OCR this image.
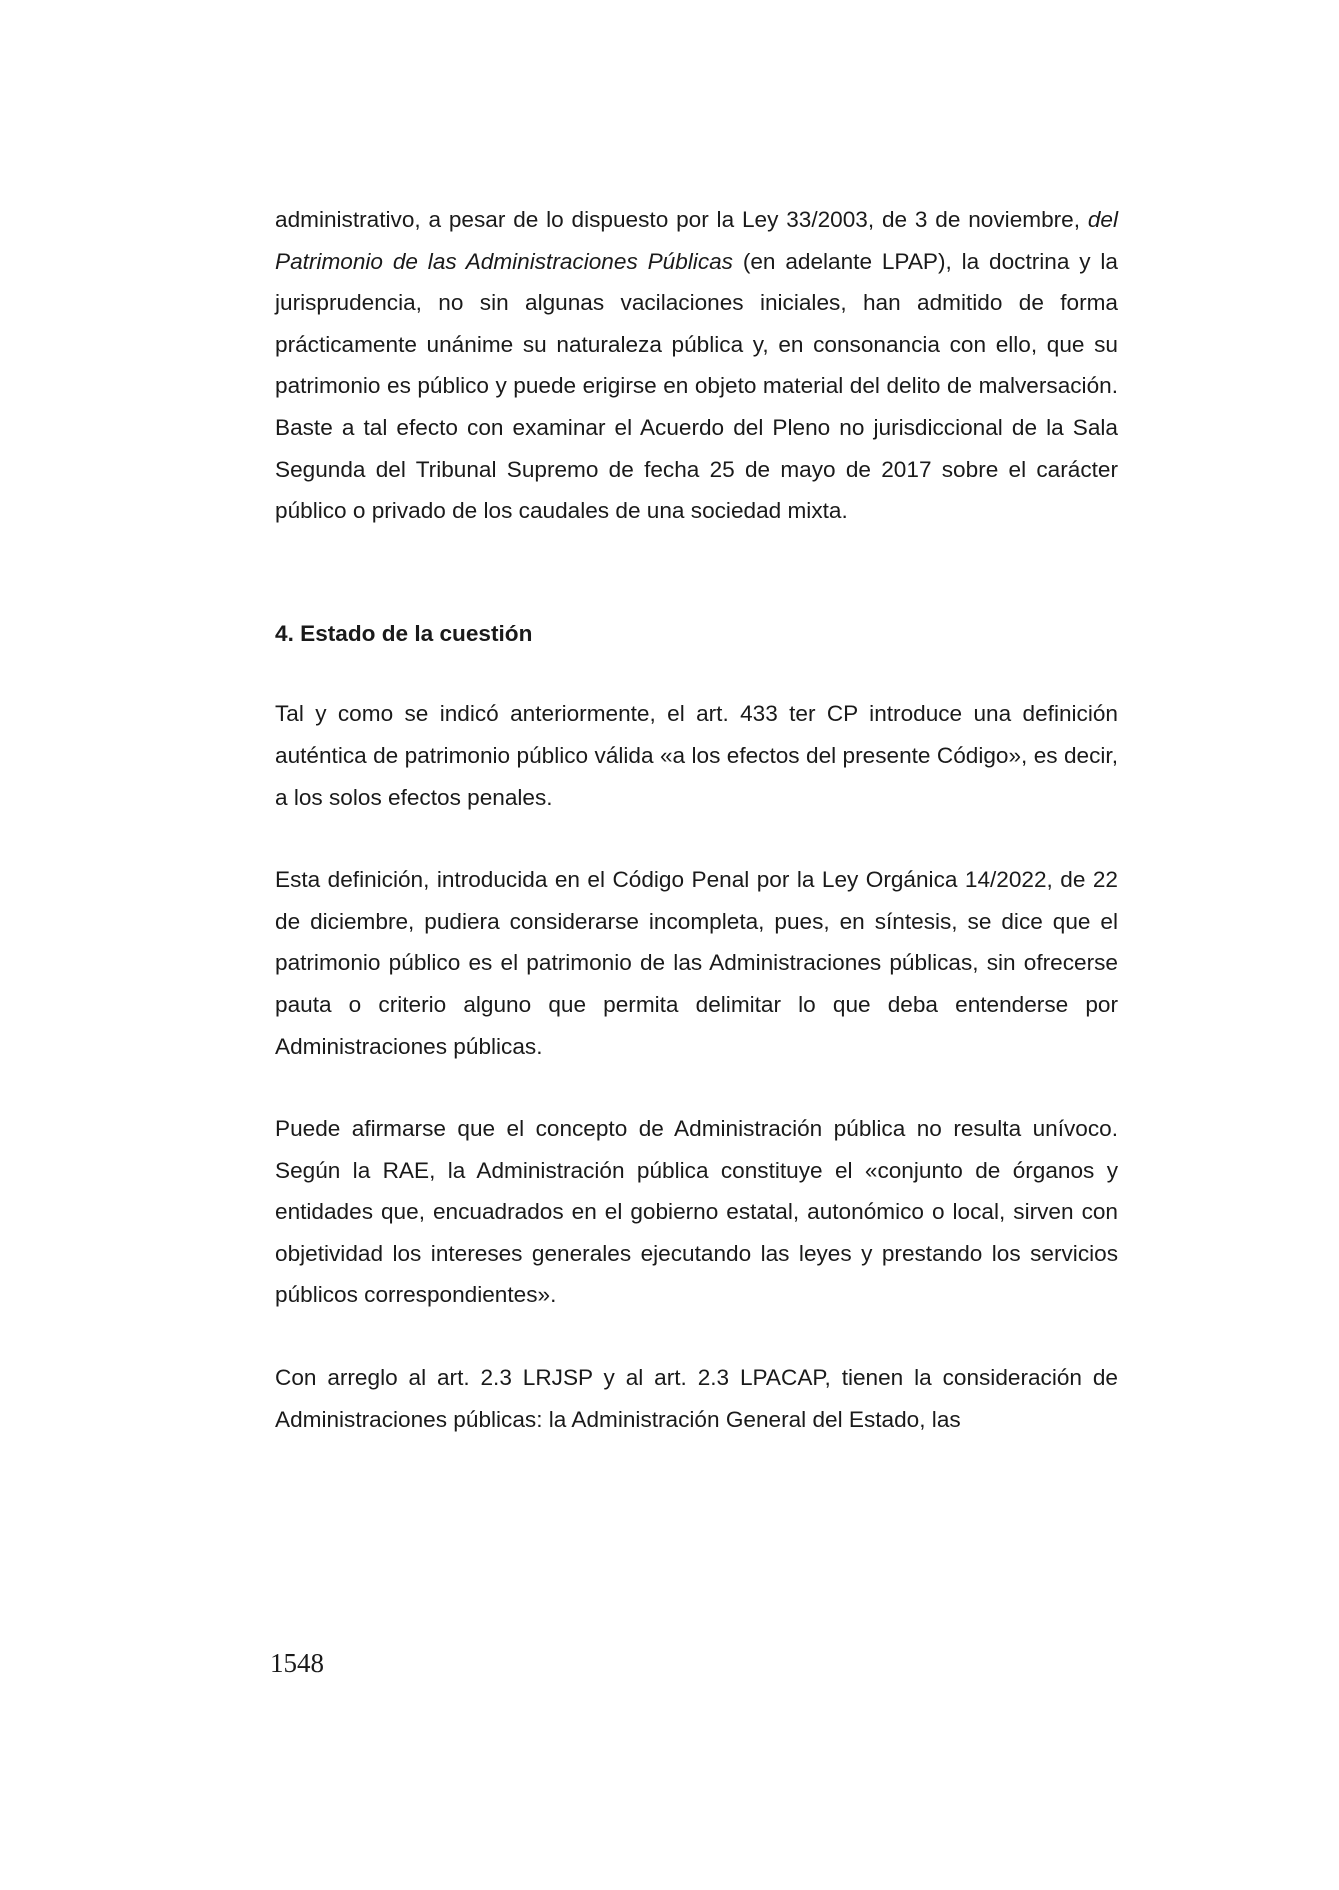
administrativo, a pesar de lo dispuesto por la Ley 33/2003, de 3 de noviembre, del Patrimonio de las Administraciones Públicas (en adelante LPAP), la doctrina y la jurisprudencia, no sin algunas vacilaciones iniciales, han admitido de forma prácticamente unánime su naturaleza pública y, en consonancia con ello, que su patrimonio es público y puede erigirse en objeto material del delito de malversación. Baste a tal efecto con examinar el Acuerdo del Pleno no jurisdiccional de la Sala Segunda del Tribunal Supremo de fecha 25 de mayo de 2017 sobre el carácter público o privado de los caudales de una sociedad mixta.

4. Estado de la cuestión

Tal y como se indicó anteriormente, el art. 433 ter CP introduce una definición auténtica de patrimonio público válida «a los efectos del presente Código», es decir, a los solos efectos penales.

Esta definición, introducida en el Código Penal por la Ley Orgánica 14/2022, de 22 de diciembre, pudiera considerarse incompleta, pues, en síntesis, se dice que el patrimonio público es el patrimonio de las Administraciones públicas, sin ofrecerse pauta o criterio alguno que permita delimitar lo que deba entenderse por Administraciones públicas.

Puede afirmarse que el concepto de Administración pública no resulta unívoco. Según la RAE, la Administración pública constituye el «conjunto de órganos y entidades que, encuadrados en el gobierno estatal, autonómico o local, sirven con objetividad los intereses generales ejecutando las leyes y prestando los servicios públicos correspondientes».

Con arreglo al art. 2.3 LRJSP y al art. 2.3 LPACAP, tienen la consideración de Administraciones públicas: la Administración General del Estado, las

1548
